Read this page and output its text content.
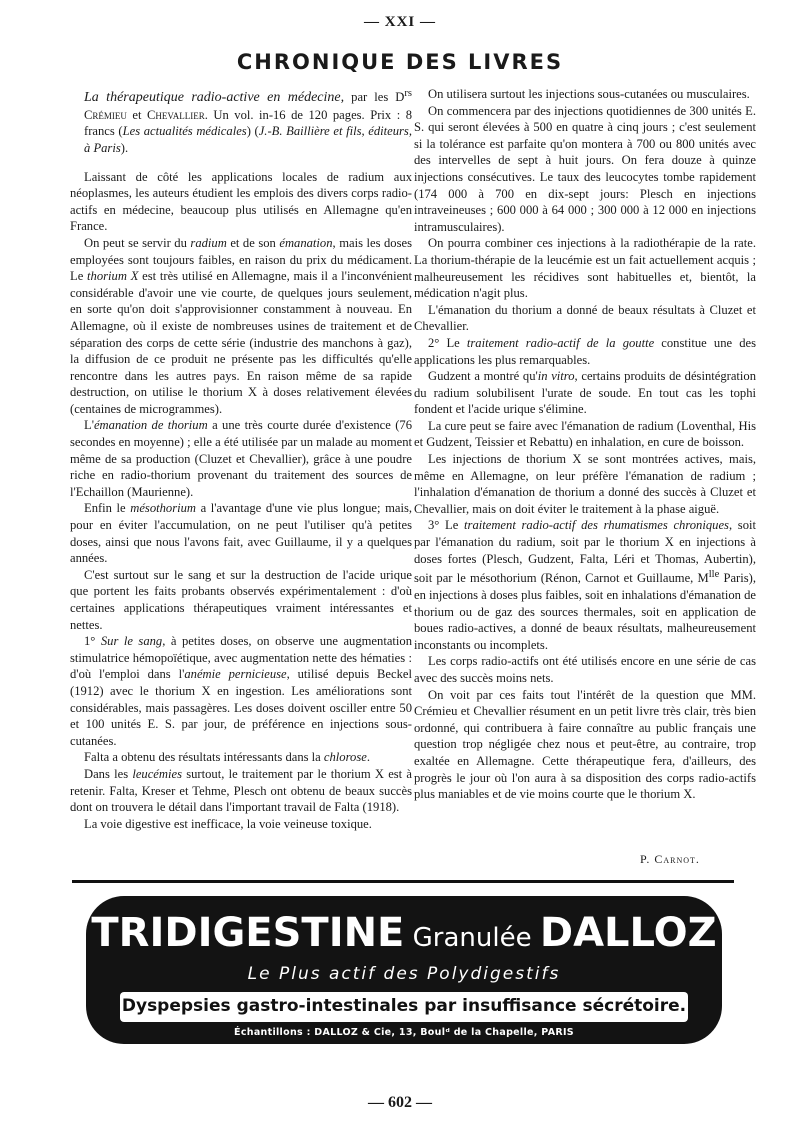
— XXI —
CHRONIQUE DES LIVRES

La thérapeutique radio-active en médecine, par les $D^{rs}$ Crémieu et Chevallier. Un vol. in-16 de 120 pages. Prix : 8 francs (Les actualités médicales) (J.-B. Baillière et fils, éditeurs, à Paris).

Laissant de côté les applications locales de radium aux néoplasmes, les auteurs étudient les emplois des divers corps radio-actifs en médecine, beaucoup plus utilisés en Allemagne qu'en France.

On peut se servir du radium et de son émanation, mais les doses employées sont toujours faibles, en raison du prix du médicament. Le thorium X est très utilisé en Allemagne, mais il a l'inconvénient considérable d'avoir une vie courte, de quelques jours seulement, en sorte qu'on doit s'approvisionner constamment à nouveau. En Allemagne, où il existe de nombreuses usines de traitement et de séparation des corps de cette série (industrie des manchons à gaz), la diffusion de ce produit ne présente pas les difficultés qu'elle rencontre dans les autres pays. En raison même de sa rapide destruction, on utilise le thorium X à doses relativement élevées (centaines de microgrammes).

L'émanation de thorium a une très courte durée d'existence (76 secondes en moyenne) ; elle a été utilisée par un malade au moment même de sa production (Cluzet et Chevallier), grâce à une poudre riche en radio-thorium provenant du traitement des sources de l'Echaillon (Maurienne).

Enfin le mésothorium a l'avantage d'une vie plus longue; mais, pour en éviter l'accumulation, on ne peut l'utiliser qu'à petites doses, ainsi que nous l'avons fait, avec Guillaume, il y a quelques années.

C'est surtout sur le sang et sur la destruction de l'acide urique que portent les faits probants observés expérimentalement : d'où certaines applications thérapeutiques vraiment intéressantes et nettes.

1° Sur le sang, à petites doses, on observe une augmentation stimulatrice hémopoïétique, avec augmentation nette des hématies : d'où l'emploi dans l'anémie pernicieuse, utilisé depuis Beckel (1912) avec le thorium X en ingestion. Les améliorations sont considérables, mais passagères. Les doses doivent osciller entre 50 et 100 unités E. S. par jour, de préférence en injections sous-cutanées.

Falta a obtenu des résultats intéressants dans la chlorose.

Dans les leucémies surtout, le traitement par le thorium X est à retenir. Falta, Kreser et Tehme, Plesch ont obtenu de beaux succès dont on trouvera le détail dans l'important travail de Falta (1918).

La voie digestive est inefficace, la voie veineuse toxique.

On utilisera surtout les injections sous-cutanées ou musculaires.

On commencera par des injections quotidiennes de 300 unités E. S. qui seront élevées à 500 en quatre à cinq jours ; c'est seulement si la tolérance est parfaite qu'on montera à 700 ou 800 unités avec des intervelles de sept à huit jours. On fera douze à quinze injections consécutives. Le taux des leucocytes tombe rapidement (174 000 à 700 en dix-sept jours: Plesch en injections intraveineuses ; 600 000 à 64 000 ; 300 000 à 12 000 en injections intramusculaires).

On pourra combiner ces injections à la radiothérapie de la rate. La thorium-thérapie de la leucémie est un fait actuellement acquis ; malheureusement les récidives sont habituelles et, bientôt, la médication n'agit plus.

L'émanation du thorium a donné de beaux résultats à Cluzet et Chevallier.

2° Le traitement radio-actif de la goutte constitue une des applications les plus remarquables.

Gudzent a montré qu'in vitro, certains produits de désintégration du radium solubilisent l'urate de soude. En tout cas les tophi fondent et l'acide urique s'élimine.

La cure peut se faire avec l'émanation de radium (Loventhal, His et Gudzent, Teissier et Rebattu) en inhalation, en cure de boisson.

Les injections de thorium X se sont montrées actives, mais, même en Allemagne, on leur préfère l'émanation de radium ; l'inhalation d'émanation de thorium a donné des succès à Cluzet et Chevallier, mais on doit éviter le traitement à la phase aiguë.

3° Le traitement radio-actif des rhumatismes chroniques, soit par l'émanation du radium, soit par le thorium X en injections à doses fortes (Plesch, Gudzent, Falta, Léri et Thomas, Aubertin), soit par le mésothorium (Rénon, Carnot et Guillaume, $M^{lle}$ Paris), en injections à doses plus faibles, soit en inhalations d'émanation de thorium ou de gaz des sources thermales, soit en application de boues radio-actives, a donné de beaux résultats, malheureusement inconstants ou incomplets.

Les corps radio-actifs ont été utilisés encore en une série de cas avec des succès moins nets.

On voit par ces faits tout l'intérêt de la question que MM. Crémieu et Chevallier résument en un petit livre très clair, très bien ordonné, qui contribuera à faire connaître au public français une question trop négligée chez nous et peut-être, au contraire, trop exaltée en Allemagne. Cette thérapeutique fera, d'ailleurs, des progrès le jour où l'on aura à sa disposition des corps radio-actifs plus maniables et de vie moins courte que le thorium X.

P. Carnot.
TRIDIGESTINE Granulée DALLOZ
Le Plus actif des Polydigestifs
Dyspepsies gastro-intestinales par insuffisance sécrétoire.
Échantillons : DALLOZ & Cie, 13, Boulᵈ de la Chapelle, PARIS
— 602 —
